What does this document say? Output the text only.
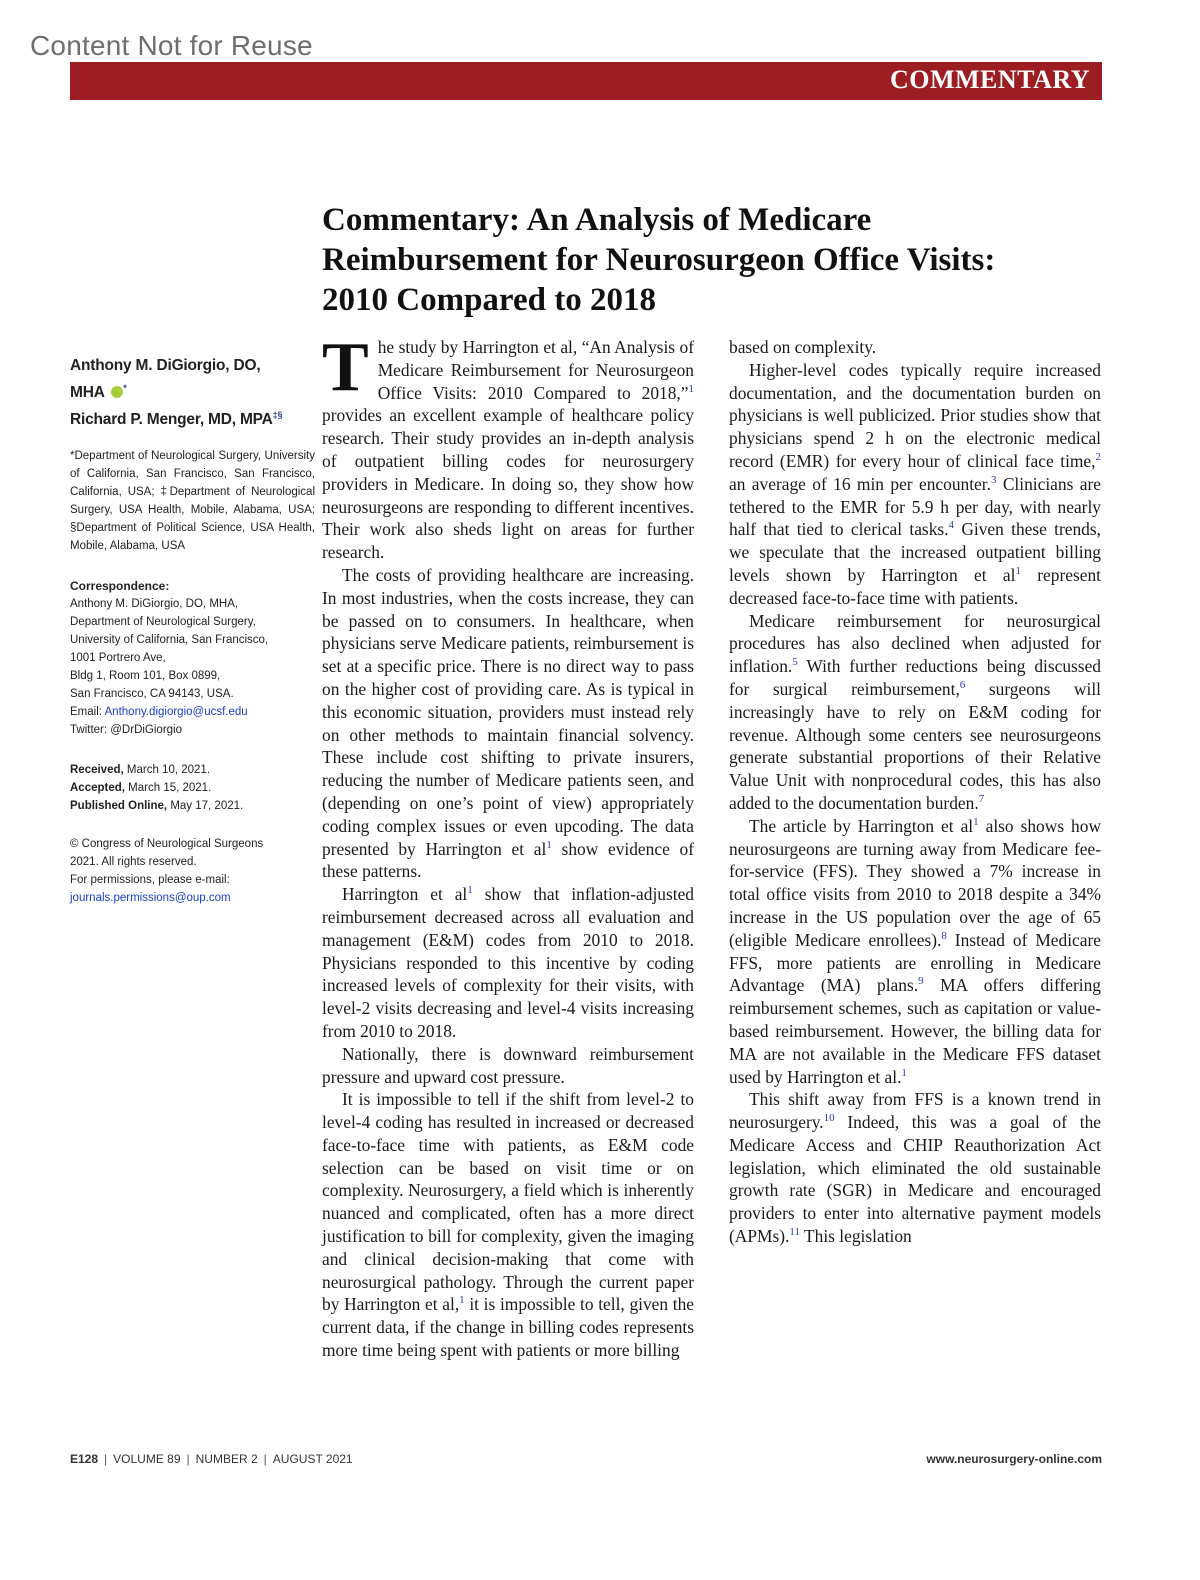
Content Not for Reuse
COMMENTARY
Commentary: An Analysis of Medicare
Reimbursement for Neurosurgeon Office Visits:
2010 Compared to 2018
Anthony M. DiGiorgio, DO,
MHA *
Richard P. Menger, MD, MPA‡§
*Department of Neurological Surgery, University of California, San Francisco, San Francisco, California, USA; ‡Department of Neurological Surgery, USA Health, Mobile, Alabama, USA; §Department of Political Science, USA Health, Mobile, Alabama, USA
Correspondence:
Anthony M. DiGiorgio, DO, MHA,
Department of Neurological Surgery,
University of California, San Francisco,
1001 Portrero Ave,
Bldg 1, Room 101, Box 0899,
San Francisco, CA 94143, USA.
Email: Anthony.digiorgio@ucsf.edu
Twitter: @DrDiGiorgio
Received, March 10, 2021.
Accepted, March 15, 2021.
Published Online, May 17, 2021.
© Congress of Neurological Surgeons
2021. All rights reserved.
For permissions, please e-mail:
journals.permissions@oup.com

The study by Harrington et al, “An Analysis of Medicare Reimbursement for Neurosurgeon Office Visits: 2010 Compared to 2018,”$^1$ provides an excellent example of healthcare policy research. Their study provides an in-depth analysis of outpatient billing codes for neurosurgery providers in Medicare. In doing so, they show how neurosurgeons are responding to different incentives. Their work also sheds light on areas for further research.

The costs of providing healthcare are increasing. In most industries, when the costs increase, they can be passed on to consumers. In healthcare, when physicians serve Medicare patients, reimbursement is set at a specific price. There is no direct way to pass on the higher cost of providing care. As is typical in this economic situation, providers must instead rely on other methods to maintain financial solvency. These include cost shifting to private insurers, reducing the number of Medicare patients seen, and (depending on one’s point of view) appropriately coding complex issues or even upcoding. The data presented by Harrington et al$^1$ show evidence of these patterns.

Harrington et al$^1$ show that inflation-adjusted reimbursement decreased across all evaluation and management (E&M) codes from 2010 to 2018. Physicians responded to this incentive by coding increased levels of complexity for their visits, with level-2 visits decreasing and level-4 visits increasing from 2010 to 2018.

Nationally, there is downward reimbursement pressure and upward cost pressure.

It is impossible to tell if the shift from level-2 to level-4 coding has resulted in increased or decreased face-to-face time with patients, as E&M code selection can be based on visit time or on complexity. Neurosurgery, a field which is inherently nuanced and complicated, often has a more direct justification to bill for complexity, given the imaging and clinical decision-making that come with neurosurgical pathology. Through the current paper by Harrington et al,$^1$ it is impossible to tell, given the current data, if the change in billing codes represents more time being spent with patients or more billing

based on complexity.

Higher-level codes typically require increased documentation, and the documentation burden on physicians is well publicized. Prior studies show that physicians spend 2 h on the electronic medical record (EMR) for every hour of clinical face time,$^2$ an average of 16 min per encounter.$^3$ Clinicians are tethered to the EMR for 5.9 h per day, with nearly half that tied to clerical tasks.$^4$ Given these trends, we speculate that the increased outpatient billing levels shown by Harrington et al$^1$ represent decreased face-to-face time with patients.

Medicare reimbursement for neurosurgical procedures has also declined when adjusted for inflation.$^5$ With further reductions being discussed for surgical reimbursement,$^6$ surgeons will increasingly have to rely on E&M coding for revenue. Although some centers see neurosurgeons generate substantial proportions of their Relative Value Unit with nonprocedural codes, this has also added to the documentation burden.$^7$

The article by Harrington et al$^1$ also shows how neurosurgeons are turning away from Medicare fee-for-service (FFS). They showed a 7% increase in total office visits from 2010 to 2018 despite a 34% increase in the US population over the age of 65 (eligible Medicare enrollees).$^8$ Instead of Medicare FFS, more patients are enrolling in Medicare Advantage (MA) plans.$^9$ MA offers differing reimbursement schemes, such as capitation or value-based reimbursement. However, the billing data for MA are not available in the Medicare FFS dataset used by Harrington et al.$^1$

This shift away from FFS is a known trend in neurosurgery.$^{10}$ Indeed, this was a goal of the Medicare Access and CHIP Reauthorization Act legislation, which eliminated the old sustainable growth rate (SGR) in Medicare and encouraged providers to enter into alternative payment models (APMs).$^{11}$ This legislation

E128 | VOLUME 89 | NUMBER 2 | AUGUST 2021	www.neurosurgery-online.com
